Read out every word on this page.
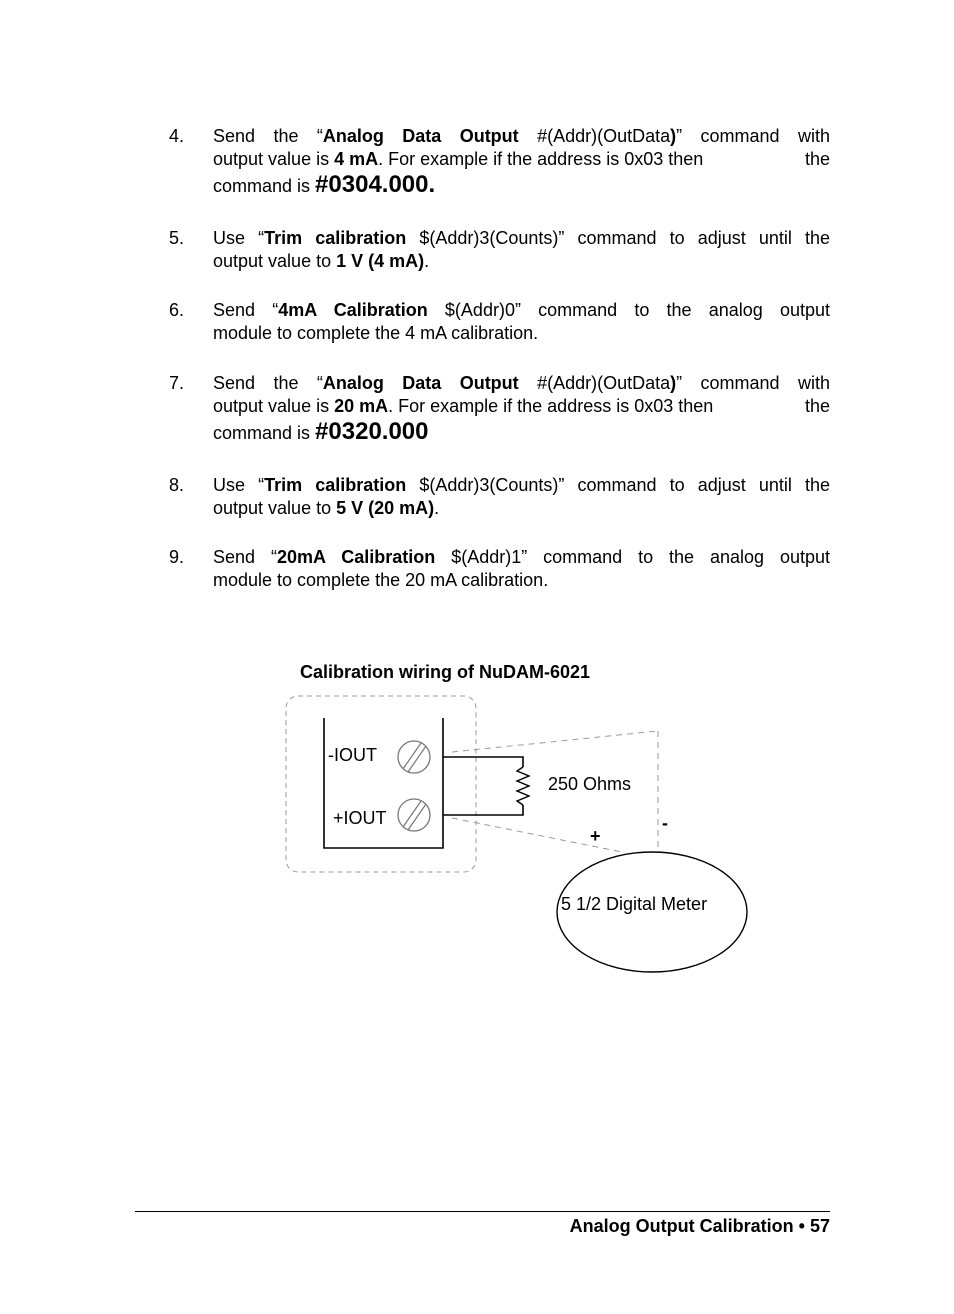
4. Send the “Analog Data Output #(Addr)(OutData)” command with
output value is 4 mA. For example if the address is 0x03 then	the
command is #0304.000.
5. Use “Trim calibration $(Addr)3(Counts)” command to adjust until the
output value to 1 V (4 mA).
6. Send “4mA Calibration $(Addr)0” command to the analog output
module to complete the 4 mA calibration.
7. Send the “Analog Data Output #(Addr)(OutData)” command with
output value is 20 mA. For example if the address is 0x03 then	the
command is #0320.000
8. Use “Trim calibration $(Addr)3(Counts)” command to adjust until the
output value to 5 V (20 mA).
9. Send “20mA Calibration $(Addr)1” command to the analog output
module to complete the 20 mA calibration.
Calibration wiring of NuDAM-6021
-IOUT
+IOUT
250 Ohms
+
-
5 1/2 Digital Meter
Analog Output Calibration • 57
